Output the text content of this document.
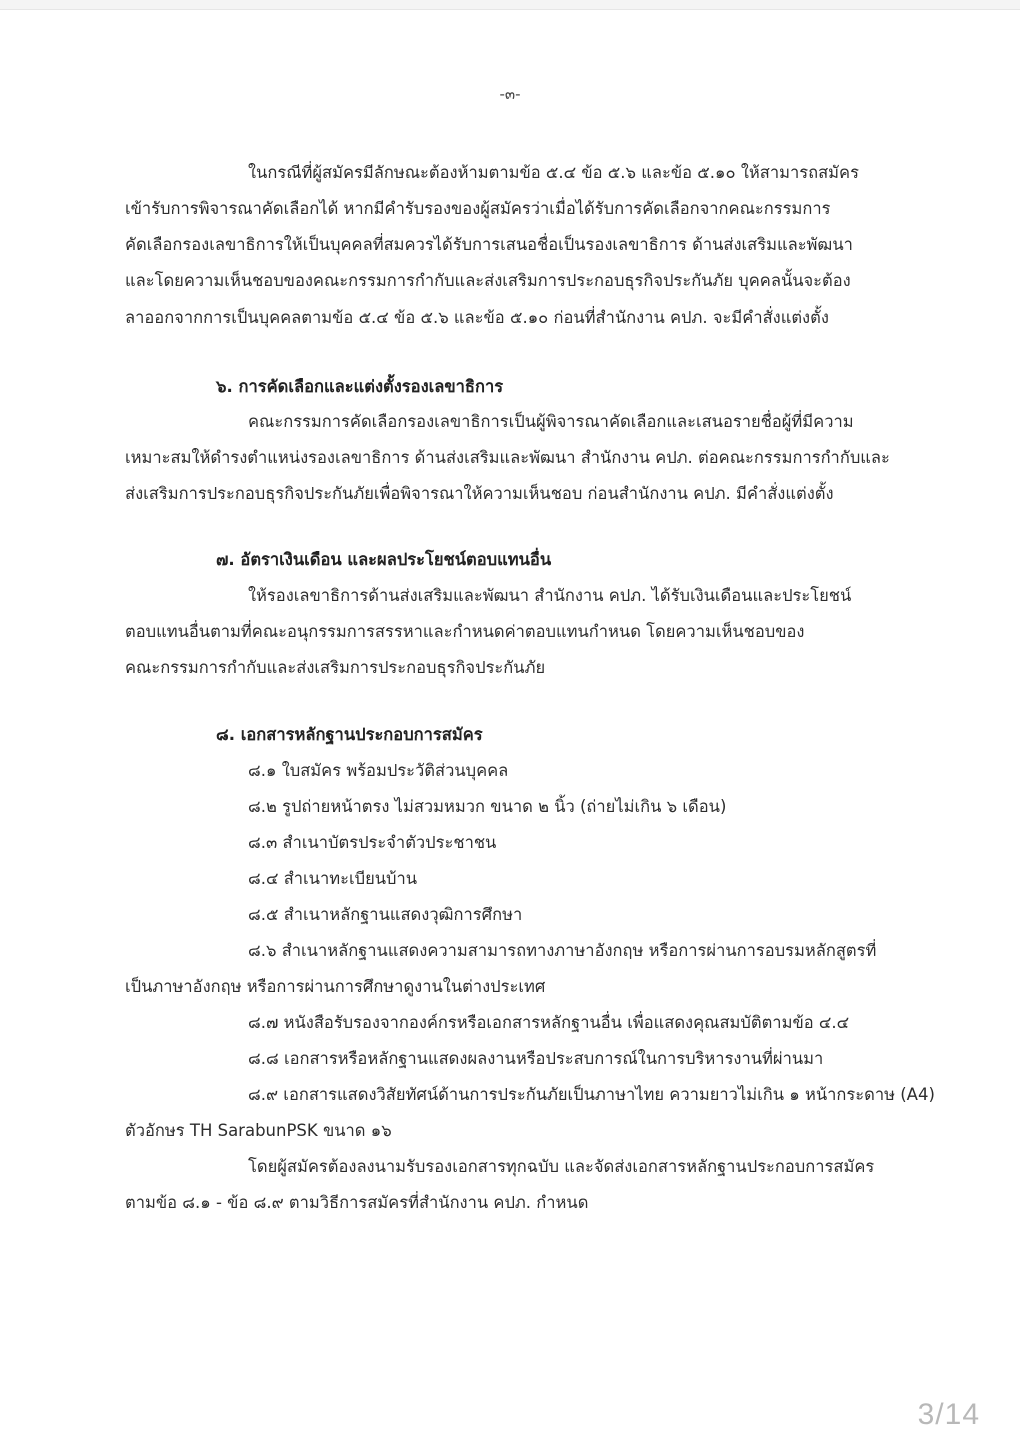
-๓-
ในกรณีที่ผู้สมัครมีลักษณะต้องห้ามตามข้อ ๕.๔ ข้อ ๕.๖ และข้อ ๕.๑๐ ให้สามารถสมัคร
เข้ารับการพิจารณาคัดเลือกได้ หากมีคำรับรองของผู้สมัครว่าเมื่อได้รับการคัดเลือกจากคณะกรรมการ
คัดเลือกรองเลขาธิการให้เป็นบุคคลที่สมควรได้รับการเสนอชื่อเป็นรองเลขาธิการ ด้านส่งเสริมและพัฒนา
และโดยความเห็นชอบของคณะกรรมการกำกับและส่งเสริมการประกอบธุรกิจประกันภัย บุคคลนั้นจะต้อง
ลาออกจากการเป็นบุคคลตามข้อ ๕.๔ ข้อ ๕.๖ และข้อ ๕.๑๐ ก่อนที่สำนักงาน คปภ. จะมีคำสั่งแต่งตั้ง
๖. การคัดเลือกและแต่งตั้งรองเลขาธิการ
คณะกรรมการคัดเลือกรองเลขาธิการเป็นผู้พิจารณาคัดเลือกและเสนอรายชื่อผู้ที่มีความ
เหมาะสมให้ดำรงตำแหน่งรองเลขาธิการ ด้านส่งเสริมและพัฒนา สำนักงาน คปภ. ต่อคณะกรรมการกำกับและ
ส่งเสริมการประกอบธุรกิจประกันภัยเพื่อพิจารณาให้ความเห็นชอบ ก่อนสำนักงาน คปภ. มีคำสั่งแต่งตั้ง
๗. อัตราเงินเดือน และผลประโยชน์ตอบแทนอื่น
ให้รองเลขาธิการด้านส่งเสริมและพัฒนา สำนักงาน คปภ. ได้รับเงินเดือนและประโยชน์
ตอบแทนอื่นตามที่คณะอนุกรรมการสรรหาและกำหนดค่าตอบแทนกำหนด โดยความเห็นชอบของ
คณะกรรมการกำกับและส่งเสริมการประกอบธุรกิจประกันภัย
๘. เอกสารหลักฐานประกอบการสมัคร
๘.๑ ใบสมัคร พร้อมประวัติส่วนบุคคล
๘.๒ รูปถ่ายหน้าตรง ไม่สวมหมวก ขนาด ๒ นิ้ว (ถ่ายไม่เกิน ๖ เดือน)
๘.๓ สำเนาบัตรประจำตัวประชาชน
๘.๔ สำเนาทะเบียนบ้าน
๘.๕ สำเนาหลักฐานแสดงวุฒิการศึกษา
๘.๖ สำเนาหลักฐานแสดงความสามารถทางภาษาอังกฤษ หรือการผ่านการอบรมหลักสูตรที่
เป็นภาษาอังกฤษ หรือการผ่านการศึกษาดูงานในต่างประเทศ
๘.๗ หนังสือรับรองจากองค์กรหรือเอกสารหลักฐานอื่น เพื่อแสดงคุณสมบัติตามข้อ ๔.๔
๘.๘ เอกสารหรือหลักฐานแสดงผลงานหรือประสบการณ์ในการบริหารงานที่ผ่านมา
๘.๙ เอกสารแสดงวิสัยทัศน์ด้านการประกันภัยเป็นภาษาไทย ความยาวไม่เกิน ๑ หน้ากระดาษ (A4)
ตัวอักษร TH SarabunPSK ขนาด ๑๖
โดยผู้สมัครต้องลงนามรับรองเอกสารทุกฉบับ และจัดส่งเอกสารหลักฐานประกอบการสมัคร
ตามข้อ ๘.๑ - ข้อ ๘.๙ ตามวิธีการสมัครที่สำนักงาน คปภ. กำหนด
3/14
